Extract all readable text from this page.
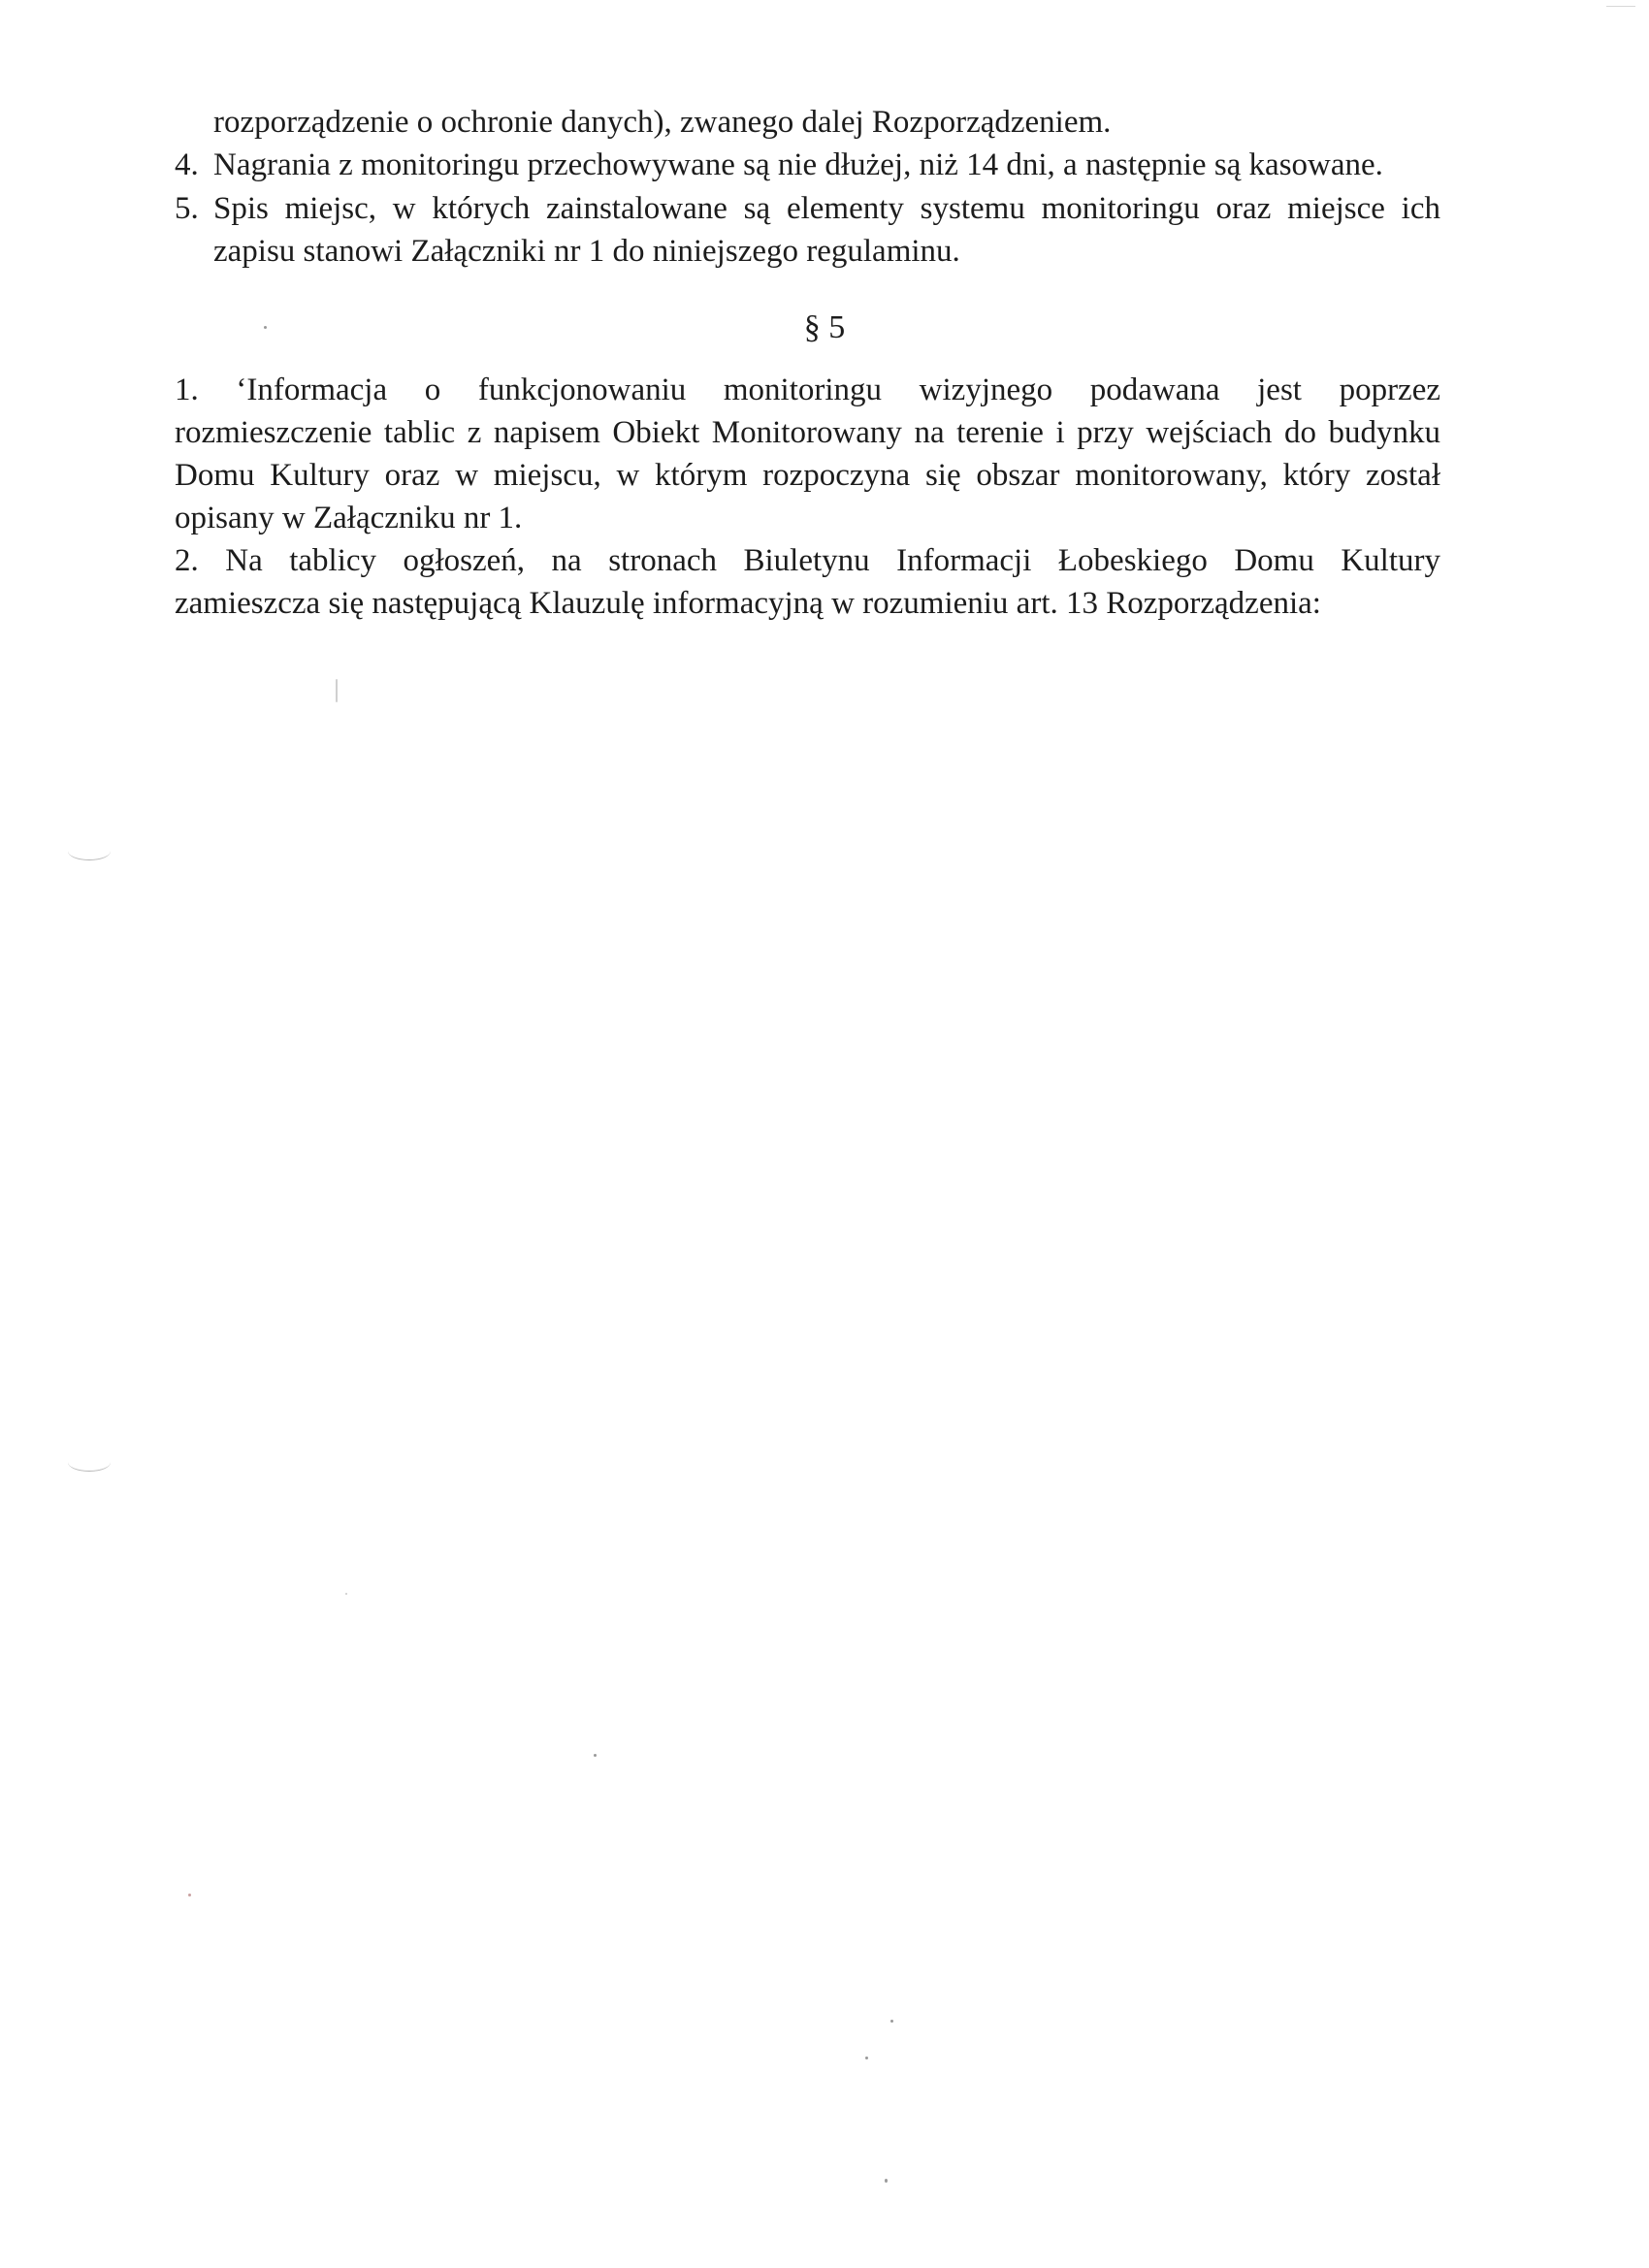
rozporządzenie o ochronie danych), zwanego dalej Rozporządzeniem.
4. Nagrania z monitoringu przechowywane są nie dłużej, niż 14 dni, a następnie są kasowane.
5. Spis miejsc, w których zainstalowane są elementy systemu monitoringu oraz miejsce ich
zapisu stanowi Załączniki nr 1 do niniejszego regulaminu.
§ 5
1. ‘Informacja o funkcjonowaniu monitoringu wizyjnego podawana jest poprzez
rozmieszczenie tablic z napisem Obiekt Monitorowany na terenie i przy wejściach do budynku
Domu Kultury oraz w miejscu, w którym rozpoczyna się obszar monitorowany, który został
opisany w Załączniku nr 1.
2. Na tablicy ogłoszeń, na stronach Biuletynu Informacji Łobeskiego Domu Kultury
zamieszcza się następującą Klauzulę informacyjną w rozumieniu art. 13 Rozporządzenia:
